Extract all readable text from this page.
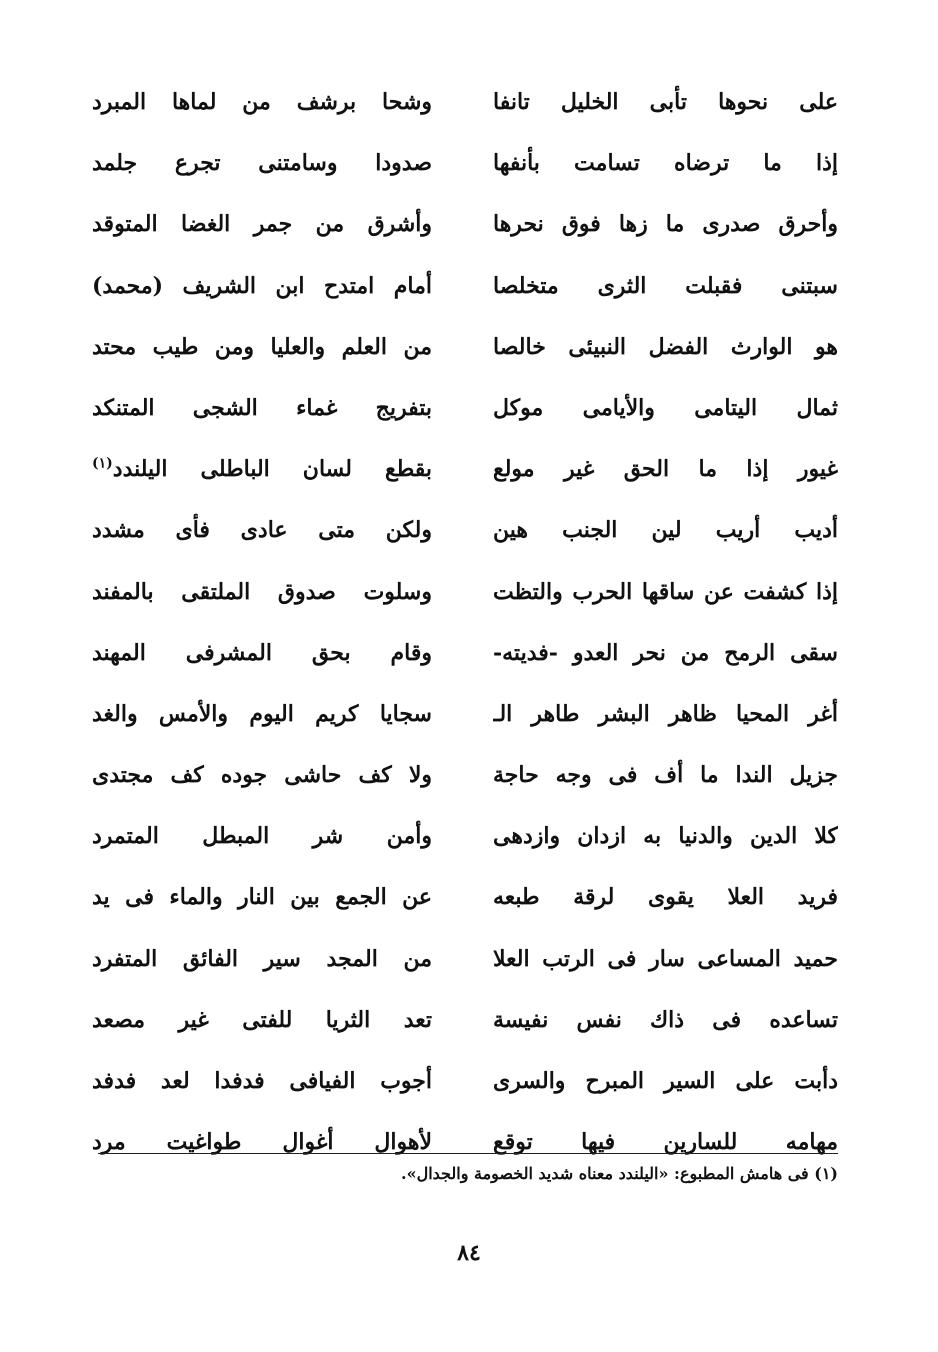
على نحوها تأبى الخليل تانفا
إذا ما ترضاه تسامت بأنفها
وأحرق صدرى ما زها فوق نحرها
سبتنى فقبلت الثرى متخلصا
هو الوارث الفضل النبيئى خالصا
ثمال اليتامى والأيامى موكل
غيور إذا ما الحق غير مولع
أديب أريب لين الجنب هين
إذا كشفت عن ساقها الحرب والتظت
سقى الرمح من نحر العدو -فديته-
أغر المحيا ظاهر البشر طاهر الـ
جزيل الندا ما أف فى وجه حاجة
كلا الدين والدنيا به ازدان وازدهى
فريد العلا يقوى لرقة طبعه
حميد المساعى سار فى الرتب العلا
تساعده فى ذاك نفس نفيسة
دأبت على السير المبرح والسرى
مهامه للسارين فيها توقع
وشحا برشف من لماها المبرد
صدودا وسامتنى تجرع جلمد
وأشرق من جمر الغضا المتوقد
أمام امتدح ابن الشريف (محمد)
من العلم والعليا ومن طيب محتد
بتفريج غماء الشجى المتنكد
بقطع لسان الباطلى اليلندد$^{(١)}$
ولكن متى عادى فأى مشدد
وسلوت صدوق الملتقى بالمفند
وقام بحق المشرفى المهند
سجايا كريم اليوم والأمس والغد
ولا كف حاشى جوده كف مجتدى
وأمن شر المبطل المتمرد
عن الجمع بين النار والماء فى يد
من المجد سير الفائق المتفرد
تعد الثريا للفتى غير مصعد
أجوب الفيافى فدفدا لعد فدفد
لأهوال أغوال طواغيت مرد
(١) فى هامش المطبوع: «اليلندد معناه شديد الخصومة والجدال».
٨٤
